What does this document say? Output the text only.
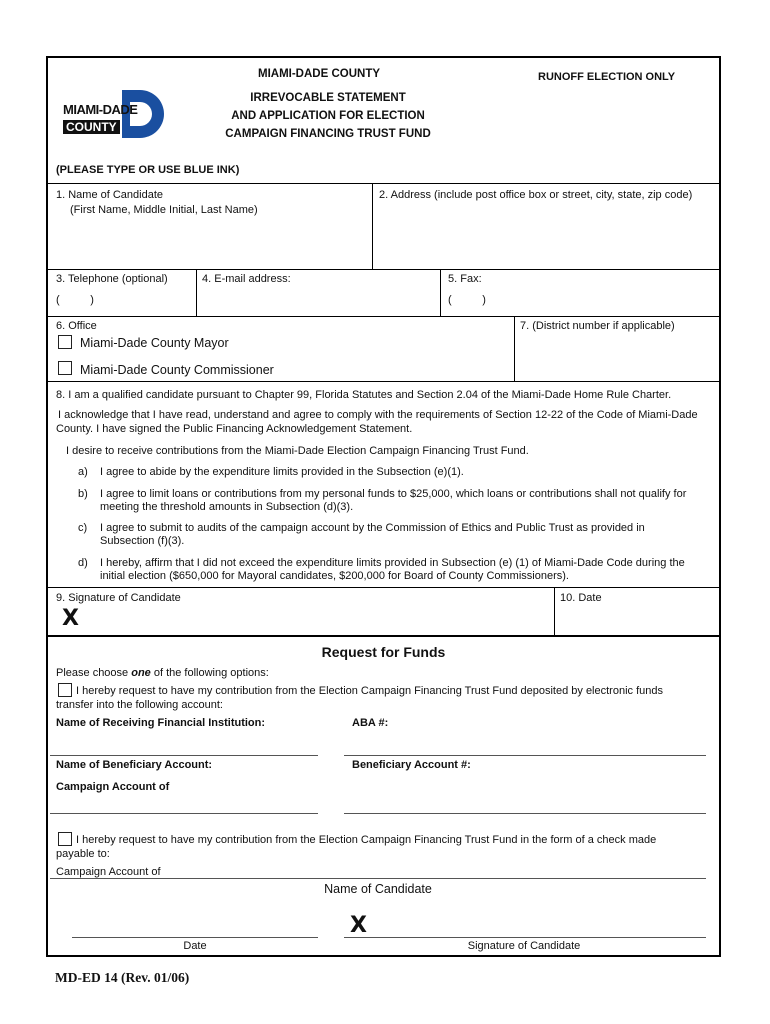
MIAMI-DADE COUNTY	RUNOFF ELECTION ONLY
MIAMI-DADE
COUNTY
IRREVOCABLE STATEMENT
AND APPLICATION FOR ELECTION
CAMPAIGN FINANCING TRUST FUND
(PLEASE TYPE OR USE BLUE INK)
1. Name of Candidate
(First Name, Middle Initial, Last Name)
2. Address (include post office box or street, city, state, zip code)
3. Telephone (optional)
(          )
4. E-mail address:	5. Fax:
(          )
6. Office
Miami-Dade County Mayor
Miami-Dade County Commissioner
7. (District number if applicable)
8. I am a qualified candidate pursuant to Chapter 99, Florida Statutes and Section 2.04 of the Miami-Dade Home Rule Charter.
I acknowledge that I have read, understand and agree to comply with the requirements of Section 12-22 of the Code of Miami-Dade
County. I have signed the Public Financing Acknowledgement Statement.
I desire to receive contributions from the Miami-Dade Election Campaign Financing Trust Fund.
a) I agree to abide by the expenditure limits provided in the Subsection (e)(1).
b) I agree to limit loans or contributions from my personal funds to $25,000, which loans or contributions shall not qualify for
meeting the threshold amounts in Subsection (d)(3).
c) I agree to submit to audits of the campaign account by the Commission of Ethics and Public Trust as provided in
Subsection (f)(3).
d) I hereby, affirm that I did not exceed the expenditure limits provided in Subsection (e) (1) of Miami-Dade Code during the
initial election ($650,000 for Mayoral candidates, $200,000 for Board of County Commissioners).
9. Signature of Candidate
X
10. Date
Request for Funds
Please choose one of the following options:
I hereby request to have my contribution from the Election Campaign Financing Trust Fund deposited by electronic funds
transfer into the following account:
Name of Receiving Financial Institution:	ABA #:
Name of Beneficiary Account:	Beneficiary Account #:
Campaign Account of
I hereby request to have my contribution from the Election Campaign Financing Trust Fund in the form of a check made
payable to:
Campaign Account of
Name of Candidate
X
Date	Signature of Candidate
MD-ED 14 (Rev. 01/06)
